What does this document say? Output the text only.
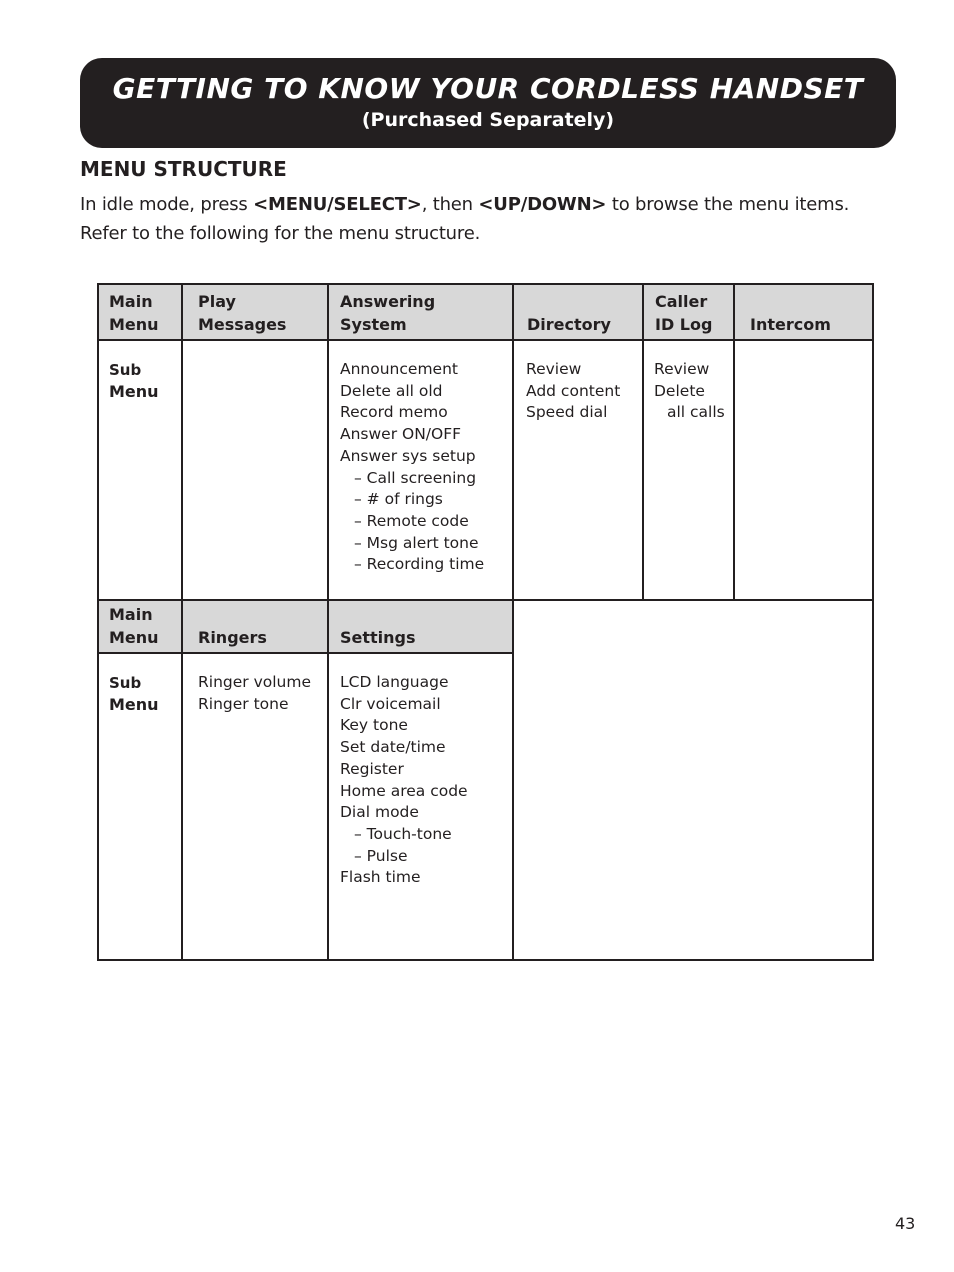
GETTING TO KNOW YOUR CORDLESS HANDSET
(Purchased Separately)
MENU STRUCTURE
In idle mode, press <MENU/SELECT>, then <UP/DOWN> to browse the menu items. Refer to the following for the menu structure.
Main
Menu
Play
Messages
Answering
System	Directory
Caller
ID Log Intercom
Sub
Menu
Announcement
Delete all old
Record memo
Answer ON/OFF
Answer sys setup
– Call screening
– # of rings
– Remote code
– Msg alert tone
– Recording time
Review
Add content
Speed dial
Review
Delete
all calls
Main
Menu Ringers	Settings
Sub
Menu
Ringer volume
Ringer tone
LCD language
Clr voicemail
Key tone
Set date/time
Register
Home area code
Dial mode
– Touch-tone
– Pulse
Flash time
43
